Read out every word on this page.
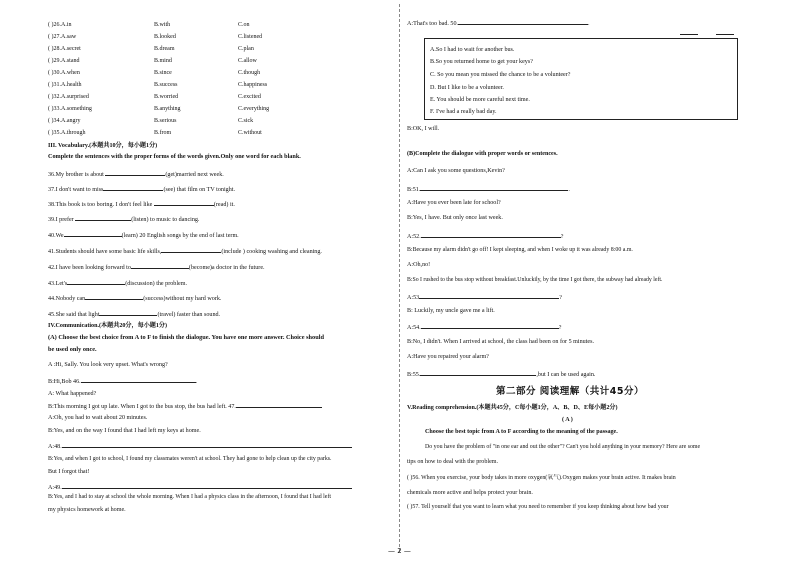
( )26.A.in	B.with	C.on
( )27.A.saw	B.looked	C.listened
( )28.A.secret	B.dream	C.plan
( )29.A.stand	B.mind	C.allow
( )30.A.when	B.since	C.though
( )31.A.health	B.success	C.happiness
( )32.A.surprised	B.worried	C.excited
( )33.A.something	B.anything	C.everything
( )34.A.angry	B.serious	C.sick
( )35.A.through	B.from	C.without
III. Vocabulary.(本题共10分，每小题1分)
Complete the sentences with the proper forms of the words given.Only one word for each blank.
36.My brother is about	(get)married next week.
37.I don't want to miss	(see) that film on TV tonight.
38.This book is too boring. I don't feel like	(read) it.
39.I prefer	(listen) to music to dancing.
40.We	(learn) 20 English songs by the end of last term.
41.Students should have some basic life skills,	(include ) cooking washing and cleaning.
42.I have been looking forward to	(become)a doctor in the future.
43.Let's	(discussion) the problem.
44.Nobody can	(success)without my hard work.
45.She said that light	(travel) faster than sound.
IV.Communication.(本题共20分，每小题1分)
(A) Choose the best choice from A to F to finish the dialogue. You have one more answer. Choice should
be used only once.
A :Hi, Sally. You look very upset. What's wrong?
B:Hi,Bob 46.	.
A: What happened?
B:This morning I got up late. When I got to the bus stop, the bus had left. 47.
A:Oh, you had to wait about 20 minutes.
B:Yes, and on the way I found that I had left my keys at home.
A:48.
B:Yes, and when I got to school, I found my classmates weren't at school. They had gone to help clean up the city parks.
But I forgot that!
A:49.
B:Yes, and I had to stay at school the whole morning. When I had a physics class in the afternoon, I found that I had left
my physics homework at home.
A:That's too bad. 50.	.
A.So I had to wait for another bus.
B.So you returned home to get your keys?
C. So you mean you missed the chance to be a volunteer?
D. But I like to be a volunteer.
E. You should be more careful next time.
F. I've had a really bad day.
B:OK, I will.
(B)Complete the dialogue with proper words or sentences.
A:Can I ask you some questions,Kevin?
B:51.	.
A:Have you ever been late for school?
B:Yes, I have. But only once last week.
A:52.	?
B:Because my alarm didn't go off! I kept sleeping, and when I woke up it was already 8:00 a.m.
A:Oh,no!
B:So I rushed to the bus stop without breakfast.Unluckily, by the time I got there, the subway had already left.
A:53	?
B: Luckily, my uncle gave me a lift.
A:54.	?
B:No, I didn't. When I arrived at school, the class had been on for 5 minutes.
A:Have you repaired your alarm?
B:55.	,but I can be used again.
第二部分 阅读理解（共计45分）
V.Reading comprehension.(本题共45分，C每小题1分，A、B、D、E每小题2分)
( A )
Choose the best topic from A to F according to the meaning of the passage.
Do you have the problem of "in one ear and out the other"? Can't you hold anything in your memory? Here are some
tips on how to deal with the problem.
( )56. When you exercise, your body takes in more oxygen(氧气).Oxygen makes your brain active. It makes brain
chemicals more active and helps protect your brain.
( )57. Tell yourself that you want to learn what you need to remember if you keep thinking about how bad your
— 2 —
